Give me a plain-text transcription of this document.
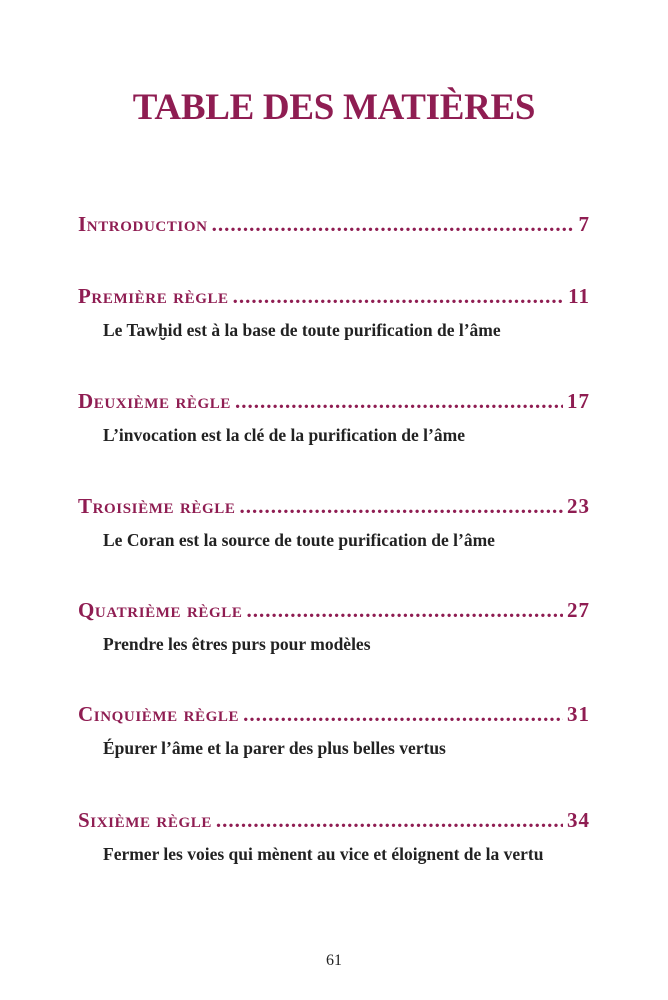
TABLE DES MATIÈRES
Introduction .....	7
Première règle .....	11
Le Tawḫid est à la base de toute purification de l’âme
Deuxième règle .....	17
L’invocation est la clé de la purification de l’âme
Troisième règle .....	23
Le Coran est la source de toute purification de l’âme
Quatrième règle .....	27
Prendre les êtres purs pour modèles
Cinquième règle .....	31
Épurer l’âme et la parer des plus belles vertus
Sixième règle .....	34
Fermer les voies qui mènent au vice et éloignent de la vertu
61
